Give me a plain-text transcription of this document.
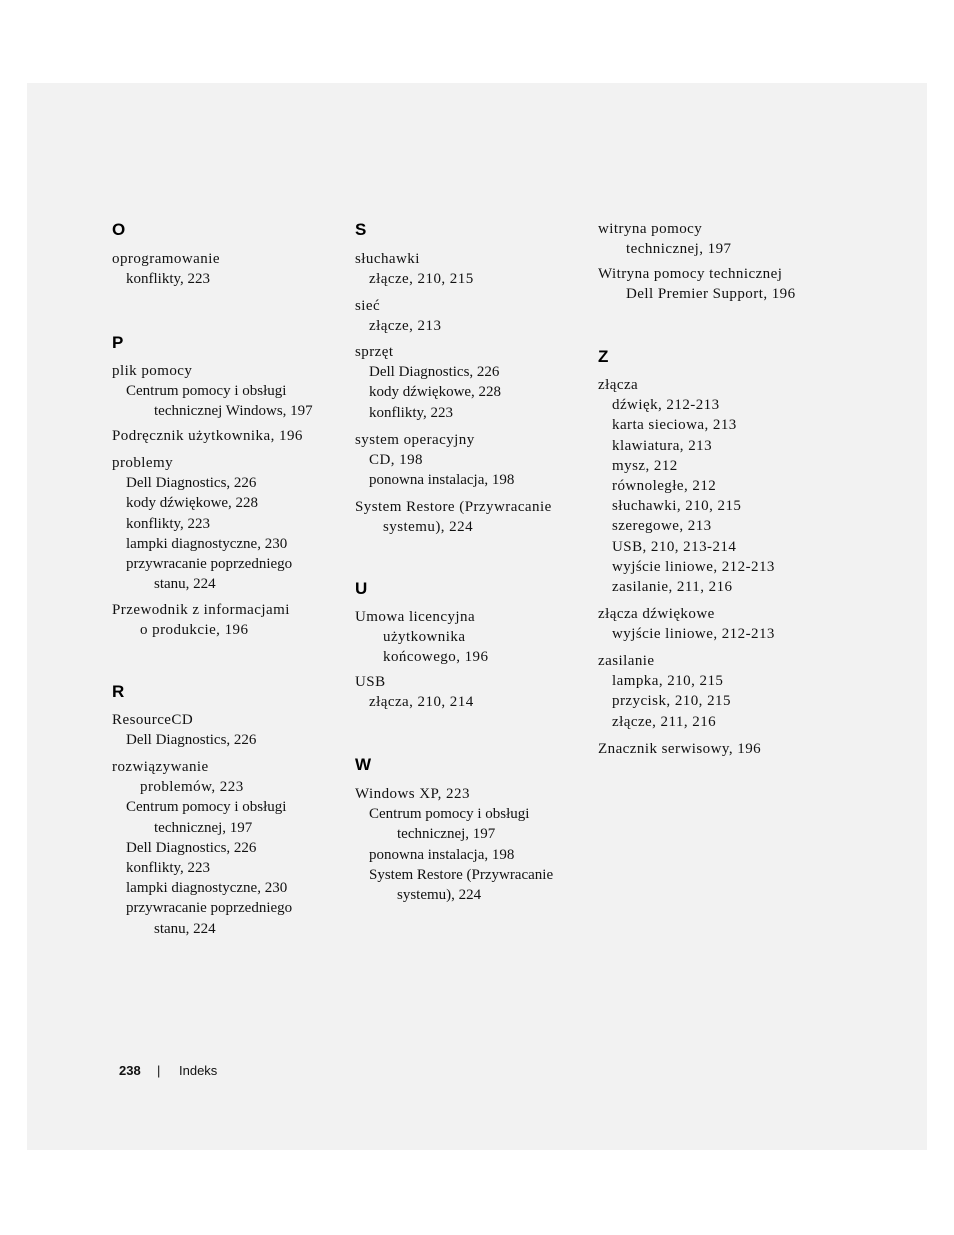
O
oprogramowanie
konflikty, 223
P
plik pomocy
Centrum pomocy i obsługi
technicznej Windows, 197
Podręcznik użytkownika, 196
problemy
Dell Diagnostics, 226
kody dźwiękowe, 228
konflikty, 223
lampki diagnostyczne, 230
przywracanie poprzedniego
stanu, 224
Przewodnik z informacjami
o produkcie, 196
R
ResourceCD
Dell Diagnostics, 226
rozwiązywanie
problemów, 223
Centrum pomocy i obsługi
technicznej, 197
Dell Diagnostics, 226
konflikty, 223
lampki diagnostyczne, 230
przywracanie poprzedniego
stanu, 224
S
słuchawki
złącze, 210, 215
sieć
złącze, 213
sprzęt
Dell Diagnostics, 226
kody dźwiękowe, 228
konflikty, 223
system operacyjny
CD, 198
ponowna instalacja, 198
System Restore (Przywracanie
systemu), 224
U
Umowa licencyjna
użytkownika
końcowego, 196
USB
złącza, 210, 214
W
Windows XP, 223
Centrum pomocy i obsługi
technicznej, 197
ponowna instalacja, 198
System Restore (Przywracanie
systemu), 224
witryna pomocy
technicznej, 197
Witryna pomocy technicznej
Dell Premier Support, 196
Z
złącza
dźwięk, 212-213
karta sieciowa, 213
klawiatura, 213
mysz, 212
równoległe, 212
słuchawki, 210, 215
szeregowe, 213
USB, 210, 213-214
wyjście liniowe, 212-213
zasilanie, 211, 216
złącza dźwiękowe
wyjście liniowe, 212-213
zasilanie
lampka, 210, 215
przycisk, 210, 215
złącze, 211, 216
Znacznik serwisowy, 196
238 | Indeks
